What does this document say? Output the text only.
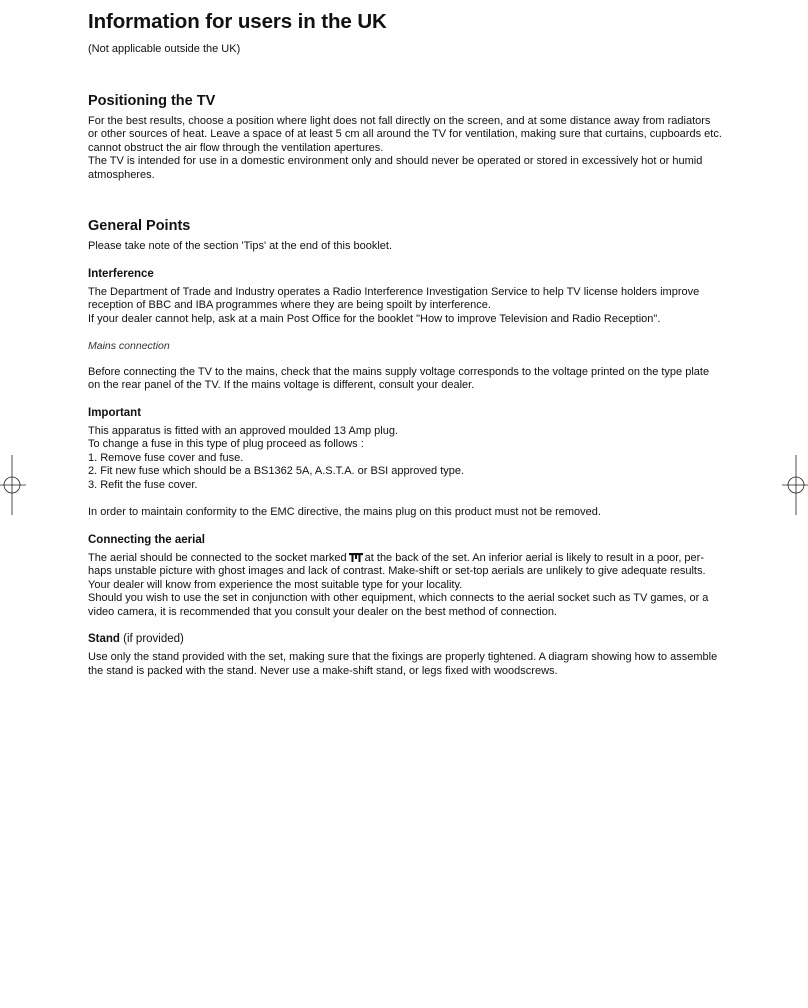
Information for users in the UK

(Not applicable outside the UK)

Positioning the TV

For the best results, choose a position where light does not fall directly on the screen, and at some distance away from radiators

or other sources of heat. Leave a space of at least 5 cm all around the TV for ventilation, making sure that curtains, cupboards etc.

cannot obstruct the air flow through the ventilation apertures.

The TV is intended for use in a domestic environment only and should never be operated or stored in excessively hot or humid

atmospheres.

General Points

Please take note of the section 'Tips' at the end of this booklet.

Interference

The Department of Trade and Industry operates a Radio Interference Investigation Service to help TV license holders improve

reception of BBC and IBA programmes where they are being spoilt by interference.

If your dealer cannot help, ask at a main Post Office for the booklet "How to improve Television and Radio Reception".

Mains connection

Before connecting the TV to the mains, check that the mains supply voltage corresponds to the voltage printed on the type plate

on the rear panel of the TV. If the mains voltage is different, consult your dealer.

Important

This apparatus is fitted with an approved moulded 13 Amp plug.

To change a fuse in this type of plug proceed as follows :

1. Remove fuse cover and fuse.

2. Fit new fuse which should be a BS1362 5A, A.S.T.A. or BSI approved type.

3. Refit the fuse cover.

In order to maintain conformity to the EMC directive, the mains plug on this product must not be removed.

Connecting the aerial

The aerial should be connected to the socket marked at the back of the set. An inferior aerial is likely to result in a poor, per-

haps unstable picture with ghost images and lack of contrast. Make-shift or set-top aerials are unlikely to give adequate results.

Your dealer will know from experience the most suitable type for your locality.

Should you wish to use the set in conjunction with other equipment, which connects to the aerial socket such as TV games, or a

video camera, it is recommended that you consult your dealer on the best method of connection.

Stand (if provided)

Use only the stand provided with the set, making sure that the fixings are properly tightened. A diagram showing how to assemble

the stand is packed with the stand. Never use a make-shift stand, or legs fixed with woodscrews.
